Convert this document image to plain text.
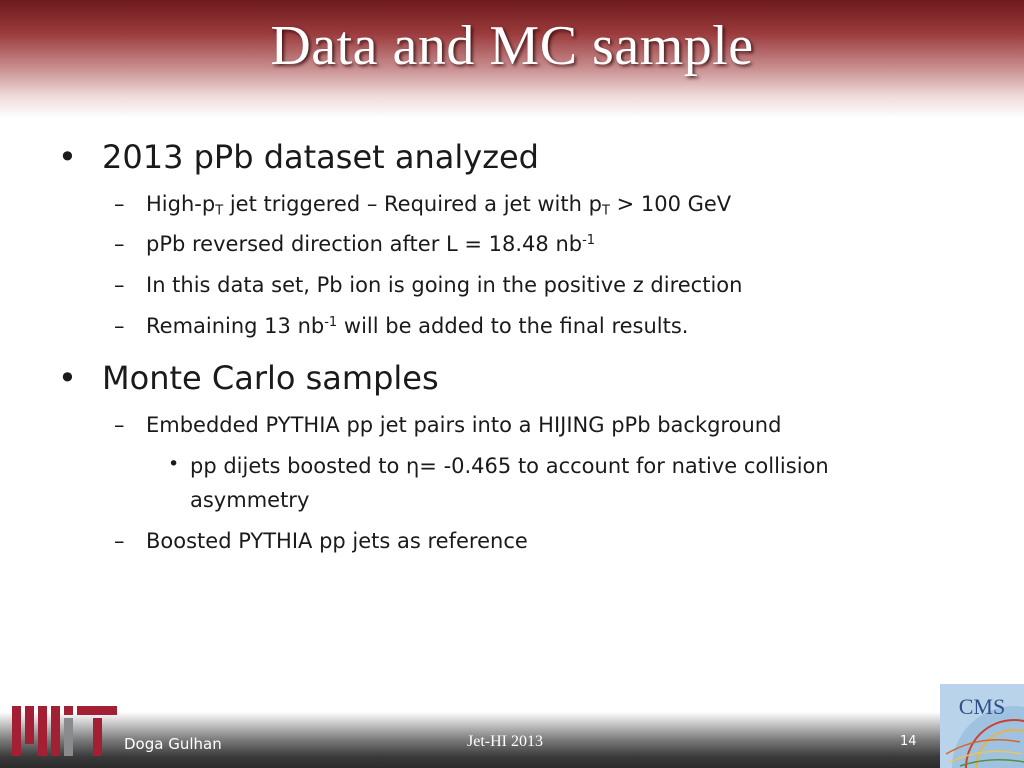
Data and MC sample
• 2013 pPb dataset analyzed
– High-$p_T$ jet triggered – Required a jet with $p_T > 100$ GeV
– pPb reversed direction after L = 18.48 $nb^{-1}$
– In this data set, Pb ion is going in the positive z direction
– Remaining 13 $nb^{-1}$ will be added to the final results.
• Monte Carlo samples
– Embedded PYTHIA pp jet pairs into a HIJING pPb background
• pp dijets boosted to η= -0.465 to account for native collision
asymmetry
– Boosted PYTHIA pp jets as reference
Doga Gulhan	Jet-HI 2013	14
CMS
